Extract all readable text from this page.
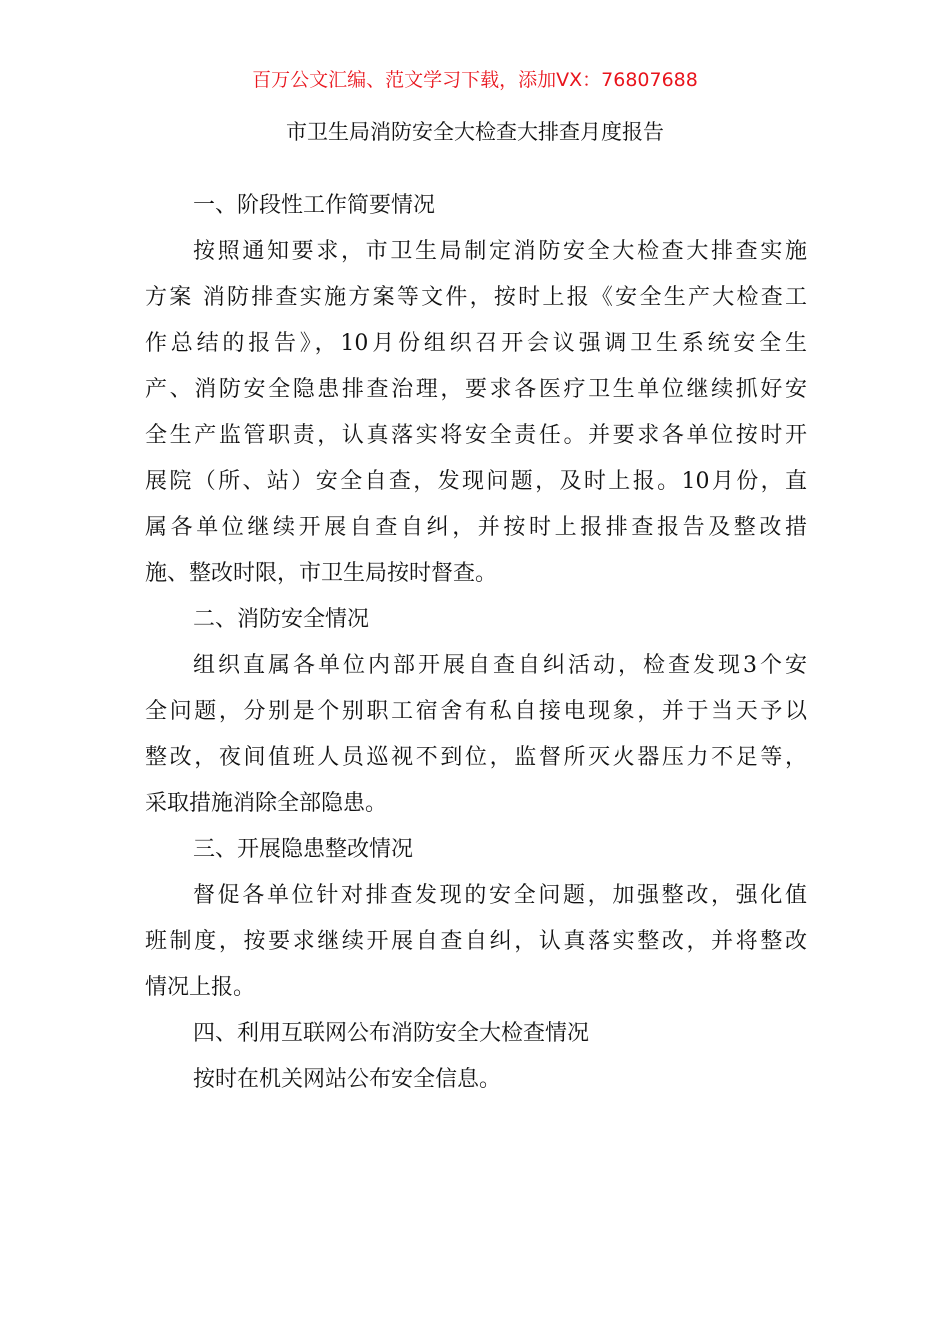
百万公文汇编、范文学习下载，添加VX：76807688
市卫生局消防安全大检查大排查月度报告
一、阶段性工作简要情况
按照通知要求，市卫生局制定消防安全大检查大排查实施
方案 消防排查实施方案等文件，按时上报《安全生产大检查工
作总结的报告》，10月份组织召开会议强调卫生系统安全生
产、消防安全隐患排查治理，要求各医疗卫生单位继续抓好安
全生产监管职责，认真落实将安全责任。并要求各单位按时开
展院（所、站）安全自查，发现问题，及时上报。10月份，直
属各单位继续开展自查自纠，并按时上报排查报告及整改措
施、整改时限，市卫生局按时督查。
二、消防安全情况
组织直属各单位内部开展自查自纠活动，检查发现3个安
全问题，分别是个别职工宿舍有私自接电现象，并于当天予以
整改，夜间值班人员巡视不到位，监督所灭火器压力不足等，
采取措施消除全部隐患。
三、开展隐患整改情况
督促各单位针对排查发现的安全问题，加强整改，强化值
班制度，按要求继续开展自查自纠，认真落实整改，并将整改
情况上报。
四、利用互联网公布消防安全大检查情况
按时在机关网站公布安全信息。
